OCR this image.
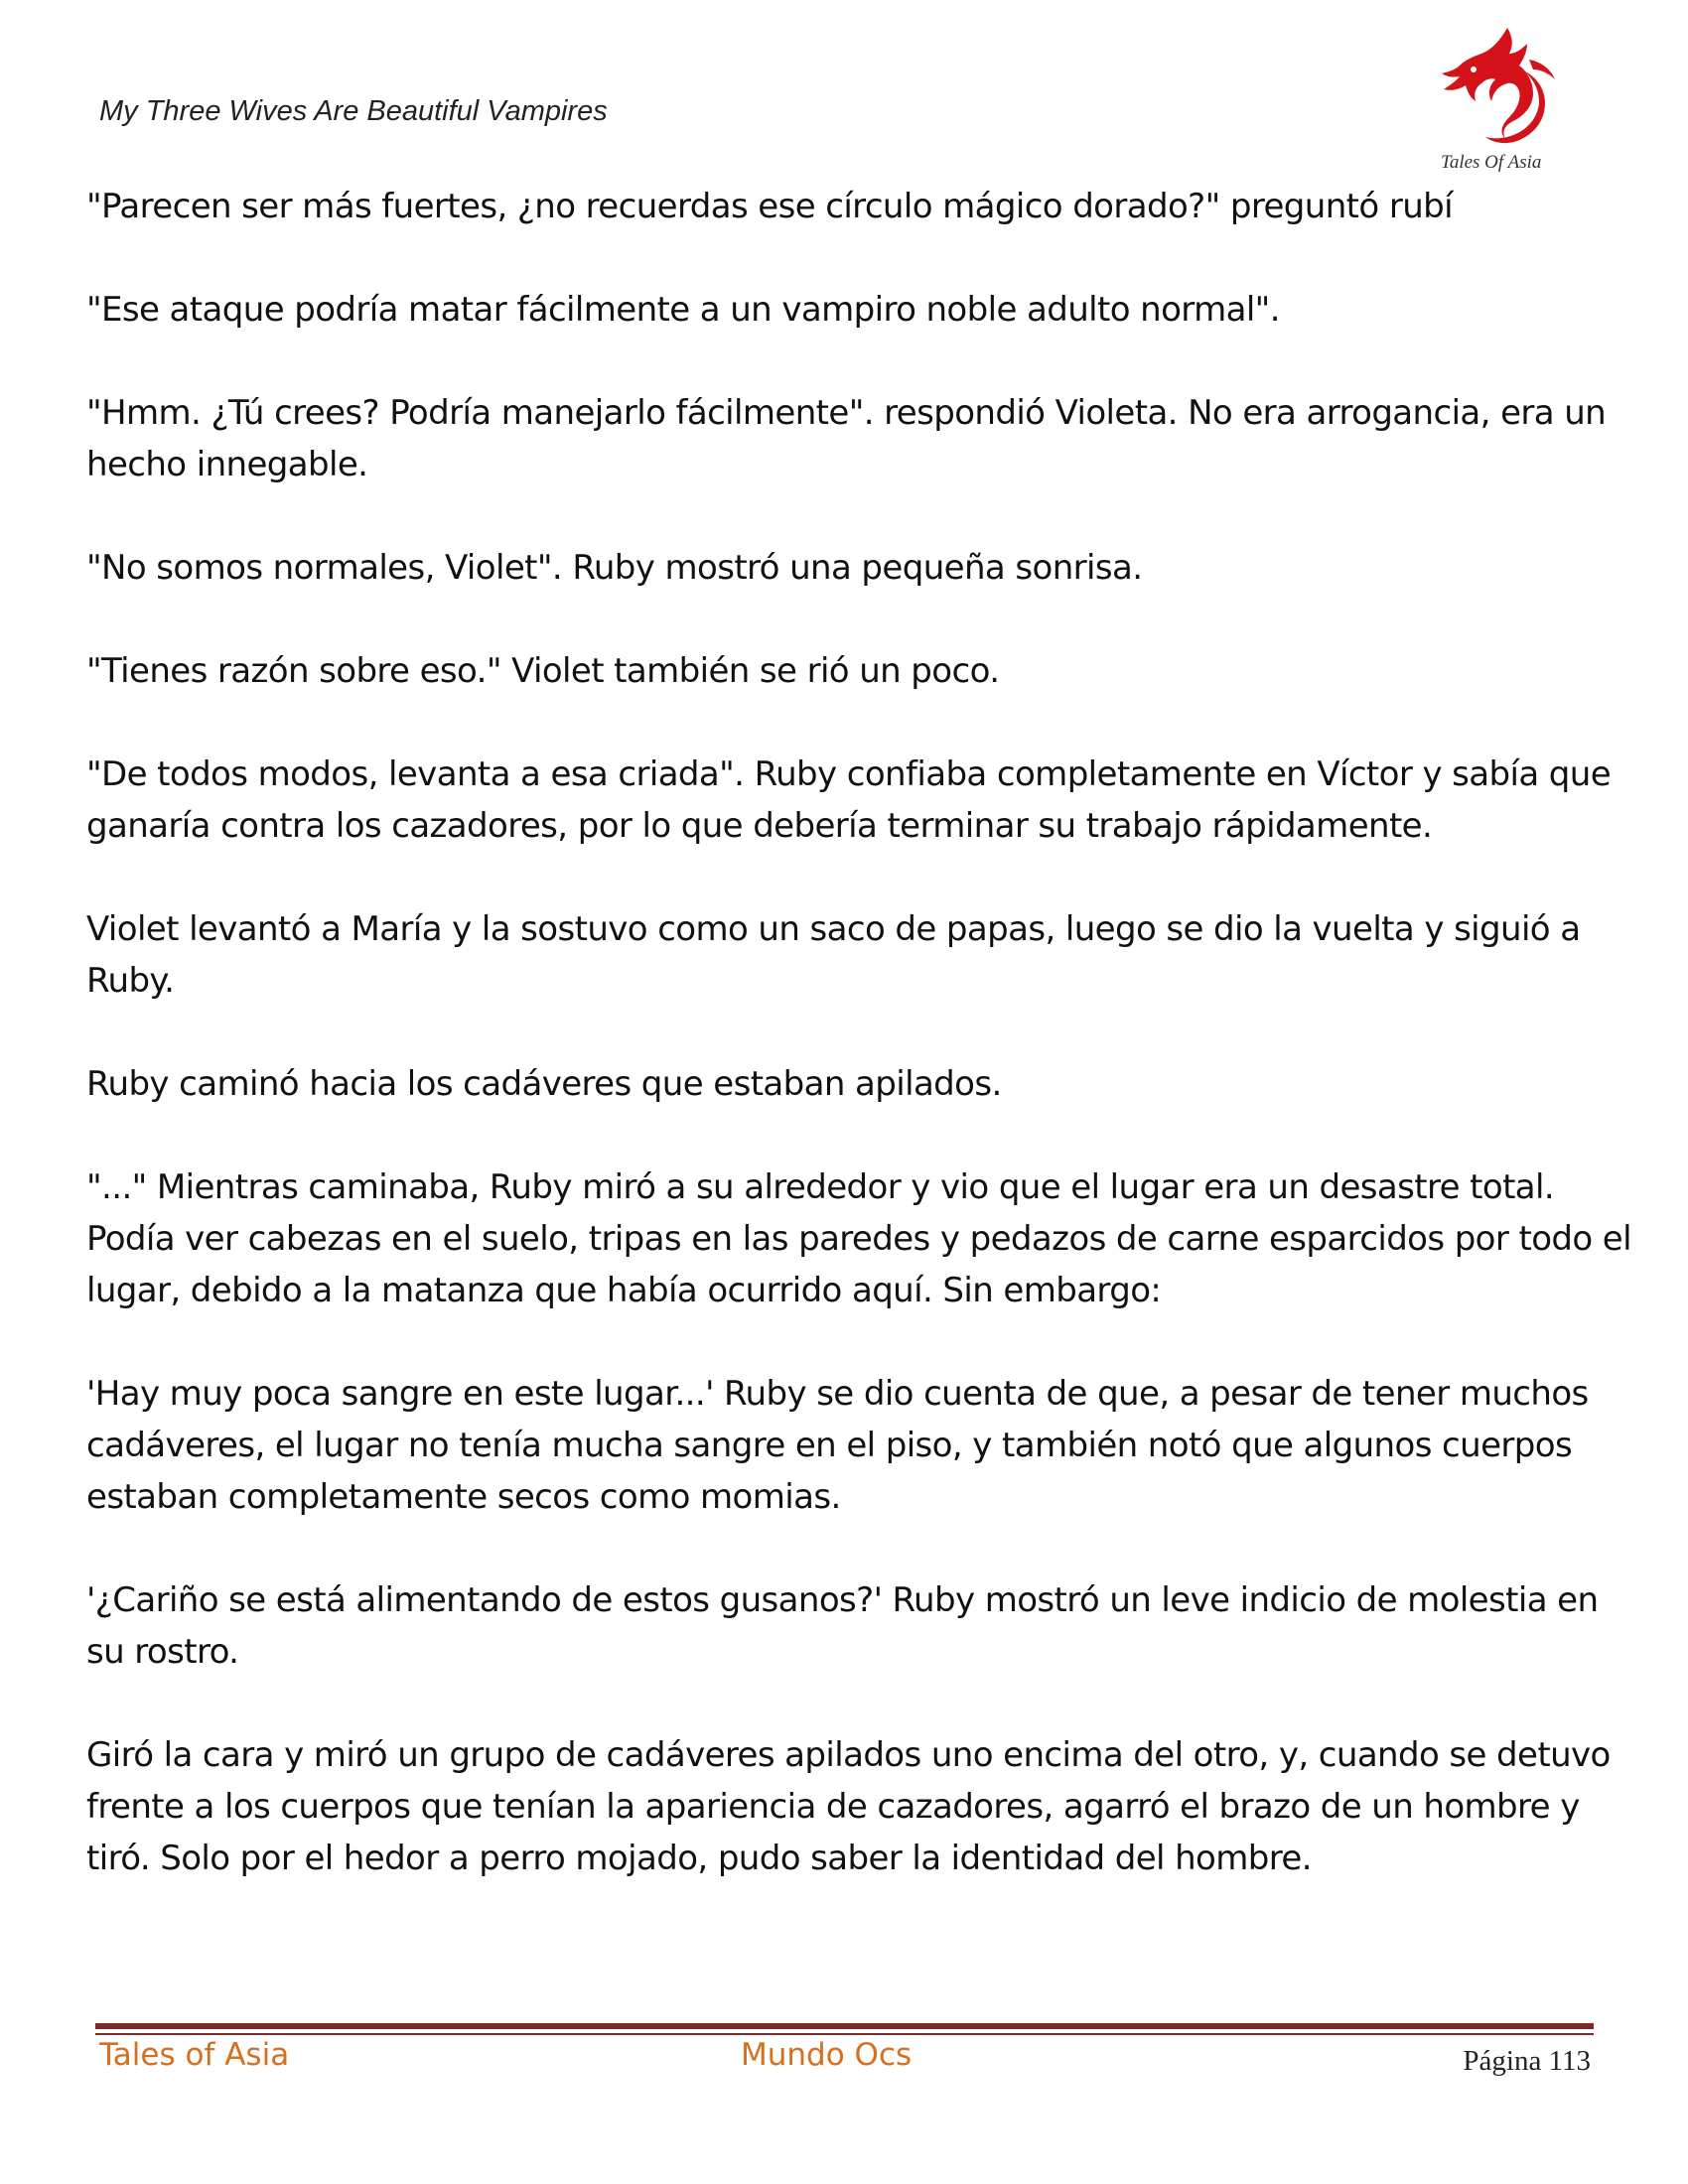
My Three Wives Are Beautiful Vampires

Tales Of Asia

"Parecen ser más fuertes, ¿no recuerdas ese círculo mágico dorado?" preguntó rubí

"Ese ataque podría matar fácilmente a un vampiro noble adulto normal".

"Hmm. ¿Tú crees? Podría manejarlo fácilmente". respondió Violeta. No era arrogancia, era un hecho innegable.

"No somos normales, Violet". Ruby mostró una pequeña sonrisa.

"Tienes razón sobre eso." Violet también se rió un poco.

"De todos modos, levanta a esa criada". Ruby confiaba completamente en Víctor y sabía que ganaría contra los cazadores, por lo que debería terminar su trabajo rápidamente.

Violet levantó a María y la sostuvo como un saco de papas, luego se dio la vuelta y siguió a Ruby.

Ruby caminó hacia los cadáveres que estaban apilados.

"..." Mientras caminaba, Ruby miró a su alrededor y vio que el lugar era un desastre total. Podía ver cabezas en el suelo, tripas en las paredes y pedazos de carne esparcidos por todo el lugar, debido a la matanza que había ocurrido aquí. Sin embargo:

'Hay muy poca sangre en este lugar...' Ruby se dio cuenta de que, a pesar de tener muchos cadáveres, el lugar no tenía mucha sangre en el piso, y también notó que algunos cuerpos estaban completamente secos como momias.

'¿Cariño se está alimentando de estos gusanos?' Ruby mostró un leve indicio de molestia en su rostro.

Giró la cara y miró un grupo de cadáveres apilados uno encima del otro, y, cuando se detuvo frente a los cuerpos que tenían la apariencia de cazadores, agarró el brazo de un hombre y tiró. Solo por el hedor a perro mojado, pudo saber la identidad del hombre.

Tales of Asia	Mundo Ocs	Página 113
